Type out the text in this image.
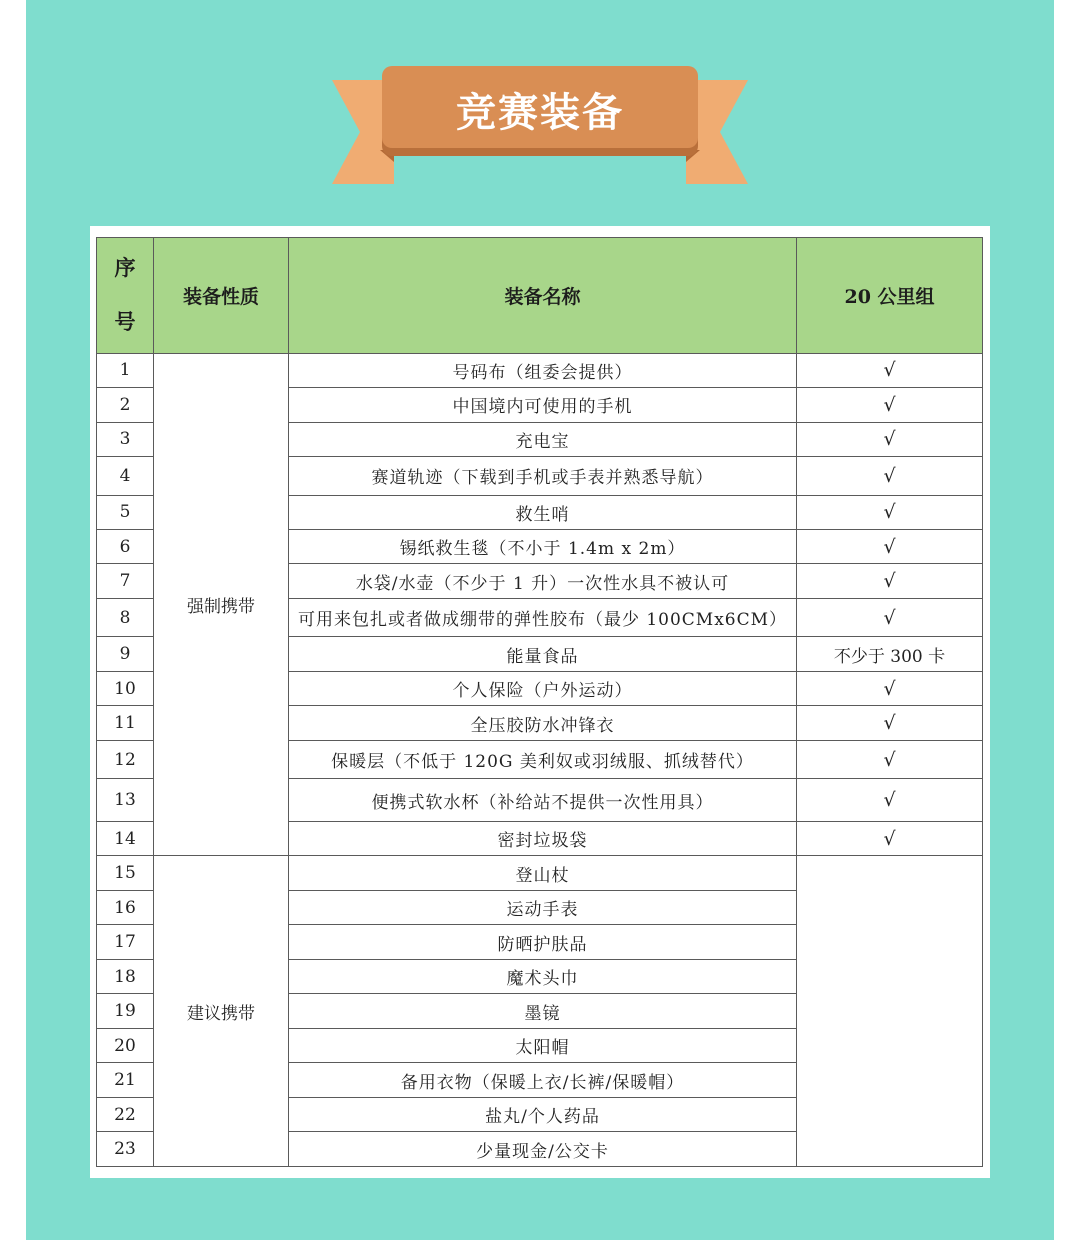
竞赛装备
序
号	装备性质	装备名称	20 公里组
1	强制携带	号码布（组委会提供）	√
2		中国境内可使用的手机	√
3		充电宝	√
4		赛道轨迹（下载到手机或手表并熟悉导航）	√
5		救生哨	√
6		锡纸救生毯（不小于 1.4m x 2m）	√
7		水袋/水壶（不少于 1 升）一次性水具不被认可	√
8		可用来包扎或者做成绷带的弹性胶布（最少 100CMx6CM）	√
9		能量食品	不少于 300 卡
10		个人保险（户外运动）	√
11		全压胶防水冲锋衣	√
12		保暖层（不低于 120G 美利奴或羽绒服、抓绒替代）	√
13		便携式软水杯（补给站不提供一次性用具）	√
14		密封垃圾袋	√
15	建议携带	登山杖	
16		运动手表	
17		防晒护肤品	
18		魔术头巾	
19		墨镜	
20		太阳帽	
21		备用衣物（保暖上衣/长裤/保暖帽）	
22		盐丸/个人药品	
23		少量现金/公交卡	
